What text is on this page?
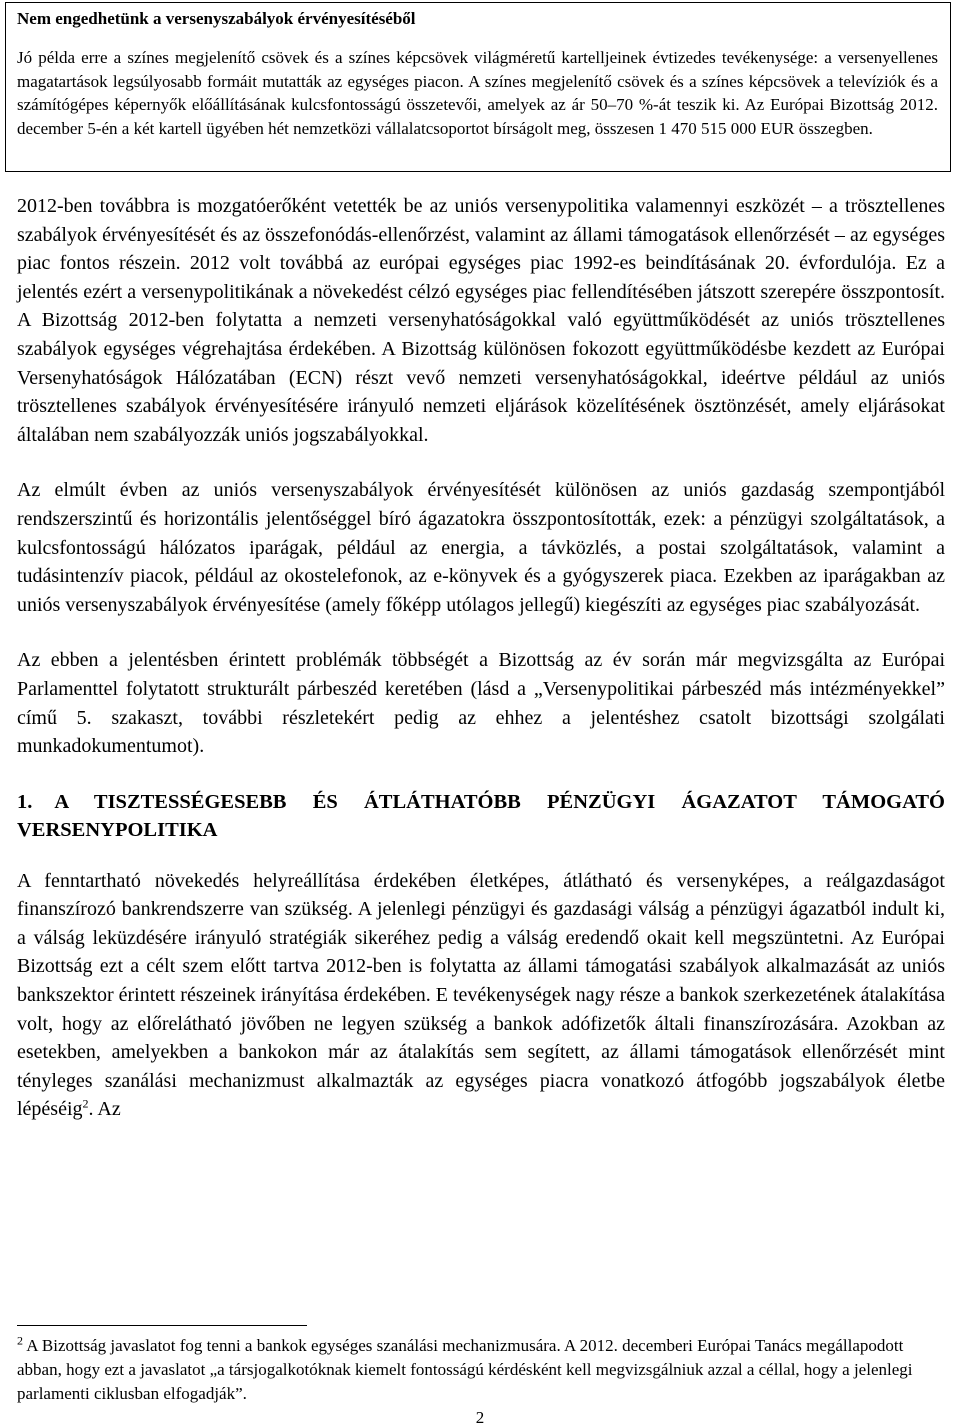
Nem engedhetünk a versenyszabályok érvényesítéséből

Jó példa erre a színes megjelenítő csövek és a színes képcsövek világméretű kartelljeinek évtizedes tevékenysége: a versenyellenes magatartások legsúlyosabb formáit mutatták az egységes piacon. A színes megjelenítő csövek és a színes képcsövek a televíziók és a számítógépes képernyők előállításának kulcsfontosságú összetevői, amelyek az ár 50–70 %-át teszik ki. Az Európai Bizottság 2012. december 5-én a két kartell ügyében hét nemzetközi vállalatcsoportot bírságolt meg, összesen 1 470 515 000 EUR összegben.

2012-ben továbbra is mozgatóerőként vetették be az uniós versenypolitika valamennyi eszközét – a trösztellenes szabályok érvényesítését és az összefonódás-ellenőrzést, valamint az állami támogatások ellenőrzését – az egységes piac fontos részein. 2012 volt továbbá az európai egységes piac 1992-es beindításának 20. évfordulója. Ez a jelentés ezért a versenypolitikának a növekedést célzó egységes piac fellendítésében játszott szerepére összpontosít. A Bizottság 2012-ben folytatta a nemzeti versenyhatóságokkal való együttműködését az uniós trösztellenes szabályok egységes végrehajtása érdekében. A Bizottság különösen fokozott együttműködésbe kezdett az Európai Versenyhatóságok Hálózatában (ECN) részt vevő nemzeti versenyhatóságokkal, ideértve például az uniós trösztellenes szabályok érvényesítésére irányuló nemzeti eljárások közelítésének ösztönzését, amely eljárásokat általában nem szabályozzák uniós jogszabályokkal.

Az elmúlt évben az uniós versenyszabályok érvényesítését különösen az uniós gazdaság szempontjából rendszerszintű és horizontális jelentőséggel bíró ágazatokra összpontosították, ezek: a pénzügyi szolgáltatások, a kulcsfontosságú hálózatos iparágak, például az energia, a távközlés, a postai szolgáltatások, valamint a tudásintenzív piacok, például az okostelefonok, az e-könyvek és a gyógyszerek piaca. Ezekben az iparágakban az uniós versenyszabályok érvényesítése (amely főképp utólagos jellegű) kiegészíti az egységes piac szabályozását.

Az ebben a jelentésben érintett problémák többségét a Bizottság az év során már megvizsgálta az Európai Parlamenttel folytatott strukturált párbeszéd keretében (lásd a „Versenypolitikai párbeszéd más intézményekkel” című 5. szakaszt, további részletekért pedig az ehhez a jelentéshez csatolt bizottsági szolgálati munkadokumentumot).

1. A TISZTESSÉGESEBB ÉS ÁTLÁTHATÓBB PÉNZÜGYI ÁGAZATOT TÁMOGATÓ VERSENYPOLITIKA

A fenntartható növekedés helyreállítása érdekében életképes, átlátható és versenyképes, a reálgazdaságot finanszírozó bankrendszerre van szükség. A jelenlegi pénzügyi és gazdasági válság a pénzügyi ágazatból indult ki, a válság leküzdésére irányuló stratégiák sikeréhez pedig a válság eredendő okait kell megszüntetni. Az Európai Bizottság ezt a célt szem előtt tartva 2012-ben is folytatta az állami támogatási szabályok alkalmazását az uniós bankszektor érintett részeinek irányítása érdekében. E tevékenységek nagy része a bankok szerkezetének átalakítása volt, hogy az előrelátható jövőben ne legyen szükség a bankok adófizetők általi finanszírozására. Azokban az esetekben, amelyekben a bankokon már az átalakítás sem segített, az állami támogatások ellenőrzését mint tényleges szanálási mechanizmust alkalmazták az egységes piacra vonatkozó átfogóbb jogszabályok életbe lépéséig$^2$. Az

$^2$ A Bizottság javaslatot fog tenni a bankok egységes szanálási mechanizmusára. A 2012. decemberi Európai Tanács megállapodott abban, hogy ezt a javaslatot „a társjogalkotóknak kiemelt fontosságú kérdésként kell megvizsgálniuk azzal a céllal, hogy a jelenlegi parlamenti ciklusban elfogadják”.

2
